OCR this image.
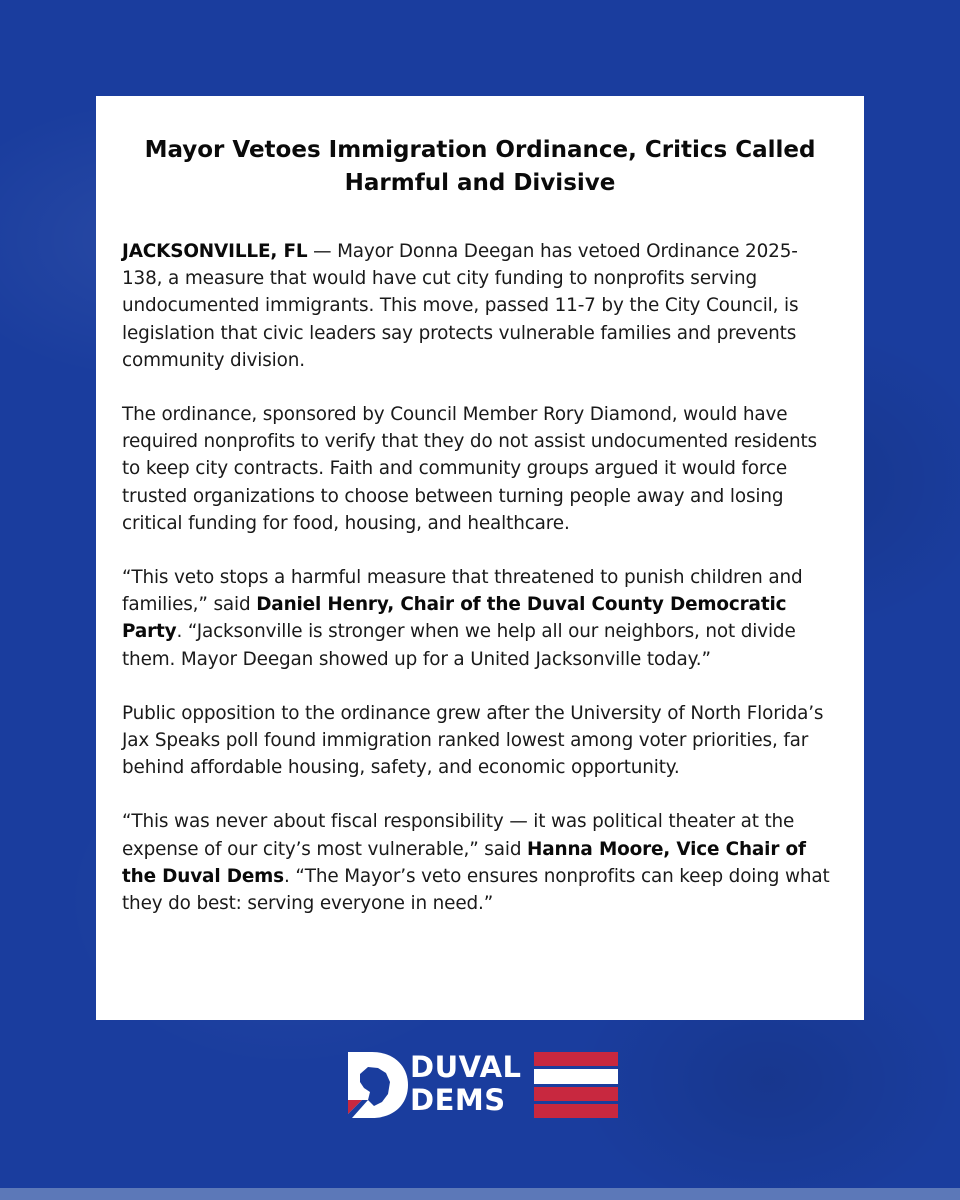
Mayor Vetoes Immigration Ordinance, Critics Called Harmful and Divisive

JACKSONVILLE, FL — Mayor Donna Deegan has vetoed Ordinance 2025-138, a measure that would have cut city funding to nonprofits serving undocumented immigrants. This move, passed 11-7 by the City Council, is legislation that civic leaders say protects vulnerable families and prevents community division.

The ordinance, sponsored by Council Member Rory Diamond, would have required nonprofits to verify that they do not assist undocumented residents to keep city contracts. Faith and community groups argued it would force trusted organizations to choose between turning people away and losing critical funding for food, housing, and healthcare.

“This veto stops a harmful measure that threatened to punish children and families,” said Daniel Henry, Chair of the Duval County Democratic Party. “Jacksonville is stronger when we help all our neighbors, not divide them. Mayor Deegan showed up for a United Jacksonville today.”

Public opposition to the ordinance grew after the University of North Florida’s Jax Speaks poll found immigration ranked lowest among voter priorities, far behind affordable housing, safety, and economic opportunity.

“This was never about fiscal responsibility — it was political theater at the expense of our city’s most vulnerable,” said Hanna Moore, Vice Chair of the Duval Dems. “The Mayor’s veto ensures nonprofits can keep doing what they do best: serving everyone in need.”

DUVAL
DEMS
